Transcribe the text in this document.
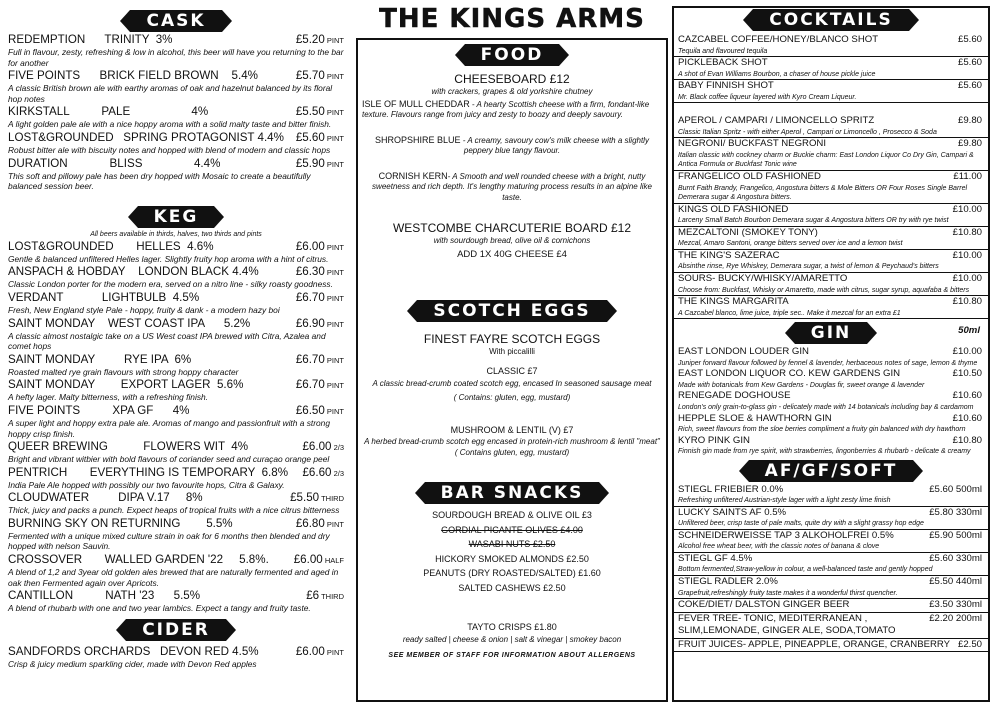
THE KINGS ARMS
CASK
REDEMPTION      TRINITY  3%	£5.20 PINT
Full in flavour, zesty, refreshing & low in alcohol, this beer will have you returning to the bar for another
FIVE POINTS      BRICK FIELD BROWN    5.4%	£5.70 PINT
A classic British brown ale with earthy aromas of oak and hazelnut balanced by its floral hop notes
KIRKSTALL          PALE                   4%	£5.50 PINT
A light golden pale ale with a nice hoppy aroma with a solid malty taste and bitter finish.
LOST&GROUNDED   SPRING PROTAGONIST 4.4%	£5.60 PINT
Robust bitter ale with biscuity notes and hopped with blend of modern and classic hops
DURATION             BLISS                4.4%	£5.90 PINT
This soft and pillowy pale has been dry hopped with Mosaic to create a beautifully balanced session beer.
KEG
All beers available in thirds, halves, two thirds and pints
LOST&GROUNDED       HELLES  4.6%	£6.00 PINT
Gentle & balanced unfiltered Helles lager. Slightly fruity hop aroma with a hint of citrus.
ANSPACH & HOBDAY    LONDON BLACK 4.4%	£6.30 PINT
Classic London porter for the modern era, served on a nitro line - silky roasty goodness.
VERDANT            LIGHTBULB  4.5%	£6.70 PINT
Fresh, New England style Pale - hoppy, fruity & dank - a modern hazy boi
SAINT MONDAY    WEST COAST IPA      5.2%	£6.90 PINT
A classic almost nostalgic take on a US West coast IPA brewed with Citra, Azalea and comet hops
SAINT MONDAY         RYE IPA  6%	£6.70 PINT
Roasted malted rye grain flavours with strong hoppy character
SAINT MONDAY        EXPORT LAGER  5.6%	£6.70 PINT
A hefty lager. Malty bitterness, with a refreshing finish.
FIVE POINTS          XPA GF      4%	£6.50 PINT
A super light and hoppy extra pale ale. Aromas of mango and passionfruit with a strong hoppy crisp finish.
QUEER BREWING           FLOWERS WIT  4%	£6.00 2/3
Bright and vibrant witbier with bold flavours of coriander seed and curaçao orange peel
PENTRICH       EVERYTHING IS TEMPORARY  6.8%	£6.60 2/3
India Pale Ale hopped with possibly our two favourite hops, Citra & Galaxy.
CLOUDWATER         DIPA V.17     8%	£5.50 THIRD
Thick, juicy and packs a punch. Expect heaps of tropical fruits with a nice citrus bitterness
BURNING SKY ON RETURNING        5.5%	£6.80 PINT
Fermented with a unique mixed culture strain in oak for 6 months then blended and dry hopped with nelson Sauvin.
CROSSOVER       WALLED GARDEN '22     5.8%.	£6.00 HALF
A blend of 1,2 and 3year old golden ales brewed that are naturally fermented and aged in oak then Fermented again over Apricots.
CANTILLON          NATH '23      5.5%	£6 THIRD
A blend of rhubarb with one and two year lambics. Expect a tangy and fruity taste.
CIDER
SANDFORDS ORCHARDS   DEVON RED 4.5%	£6.00 PINT
Crisp & juicy medium sparkling cider, made with Devon Red apples
FOOD
CHEESEBOARD £12
with crackers, grapes & old yorkshire chutney
ISLE OF MULL CHEDDAR - A hearty Scottish cheese with a firm, fondant-like texture. Flavours range from juicy and zesty to boozy and deeply savoury.
SHROPSHIRE BLUE - A creamy, savoury cow's milk cheese with a slightly peppery blue tangy flavour.
CORNISH KERN- A Smooth and well rounded cheese with a bright, nutty sweetness and rich depth. It's lengthy maturing process results in an alpine like taste.
WESTCOMBE CHARCUTERIE BOARD £12
with sourdough bread, olive oil & cornichons
ADD 1X 40G CHEESE £4
SCOTCH EGGS
FINEST FAYRE SCOTCH EGGS
With piccalilli
CLASSIC £7
A classic bread-crumb coated scotch egg, encased In seasoned sausage meat
( Contains: gluten, egg, mustard)
MUSHROOM & LENTIL (V) £7
A herbed bread-crumb scotch egg encased in protein-rich mushroom & lentil "meat" ( Contains gluten, egg, mustard)
BAR SNACKS
SOURDOUGH BREAD & OLIVE OIL £3
GORDIAL PICANTE OLIVES £4.00
WASABI NUTS £2.50
HICKORY SMOKED ALMONDS £2.50
PEANUTS (DRY ROASTED/SALTED) £1.60
SALTED CASHEWS £2.50
TAYTO CRISPS £1.80
ready salted | cheese & onion | salt & vinegar | smokey bacon
SEE MEMBER OF STAFF FOR INFORMATION ABOUT ALLERGENS
COCKTAILS
CAZCABEL COFFEE/HONEY/BLANCO SHOT	£5.60
Tequila and flavoured tequila
PICKLEBACK SHOT	£5.60
A shot of Evan Williams Bourbon, a chaser of house pickle juice
BABY FINNISH SHOT	£5.60
Mr. Black coffee liqueur layered with Kyro Cream Liqueur.
APEROL / CAMPARI / LIMONCELLO SPRITZ	£9.80
Classic Italian Spritz - with either Aperol , Campari or Limoncello , Prosecco & Soda
NEGRONI/ BUCKFAST NEGRONI	£9.80
Italian classic with cockney charm or Buckie charm: East London Liquor Co Dry Gin, Campari & Antica Formula or Buckfast Tonic wine
FRANGELICO OLD FASHIONED	£11.00
Burnt Faith Brandy, Frangelico, Angostura bitters & Mole Bitters OR Four Roses Single Barrel Demerara sugar & Angostura bitters.
KINGS OLD FASHIONED	£10.00
Larceny Small Batch Bourbon Demerara sugar & Angostura bitters OR try with rye twist
MEZCALTONI (SMOKEY TONY)	£10.80
Mezcal, Amaro Santoni, orange bitters served over ice and a lemon twist
THE KING'S SAZERAC	£10.00
Absinthe rinse, Rye Whiskey, Demerara sugar, a twist of lemon & Peychaud's bitters
SOURS- BUCKY/WHISKY/AMARETTO	£10.00
Choose from: Buckfast, Whisky or Amaretto, made with citrus, sugar syrup, aquafaba & bitters
THE KINGS MARGARITA	£10.80
A Cazcabel blanco, lime juice, triple sec.. Make it mezcal for an extra £1
GIN	50ml
EAST LONDON LOUDER GIN	£10.00
Juniper forward flavour followed by fennel & lavender, herbaceous notes of sage, lemon & thyme
EAST LONDON LIQUOR CO. KEW GARDENS GIN	£10.50
Made with botanicals from Kew Gardens - Douglas fir, sweet orange & lavender
RENEGADE DOGHOUSE	£10.60
London's only grain-to-glass gin - delicately made with 14 botanicals including bay & cardamom
HEPPLE SLOE & HAWTHORN GIN	£10.60
Rich, sweet flavours from the sloe berries compliment a fruity gin balanced with dry hawthorn
KYRO PINK GIN	£10.80
Finnish gin made from rye spirit, with strawberries, lingonberries & rhubarb - delicate & creamy
AF/GF/SOFT
STIEGL FRIEBIER 0.0%	£5.60 500ml
Refreshing unfiltered Austrian-style lager with a light zesty lime finish
LUCKY SAINTS AF 0.5%	£5.80 330ml
Unfiltered beer, crisp taste of pale malts, quite dry with a slight grassy hop edge
SCHNEIDERWEISSE TAP 3 ALKOHOLFREI 0.5%	£5.90 500ml
Alcohol free wheat beer, with the classic notes of banana & clove
STIEGL GF 4.5%	£5.60 330ml
Bottom fermented,Straw-yellow in colour, a well-balanced taste and gently hopped
STIEGL RADLER 2.0%	£5.50 440ml
Grapefruit,refreshingly fruity taste makes it a wonderful thirst quencher.
COKE/DIET/ DALSTON GINGER BEER	£3.50 330ml
FEVER TREE- TONIC, MEDITERRANEAN , SLIM,LEMONADE, GINGER ALE, SODA,TOMATO
£2.20 200ml
FRUIT JUICES- APPLE, PINEAPPLE, ORANGE, CRANBERRY £2.50
